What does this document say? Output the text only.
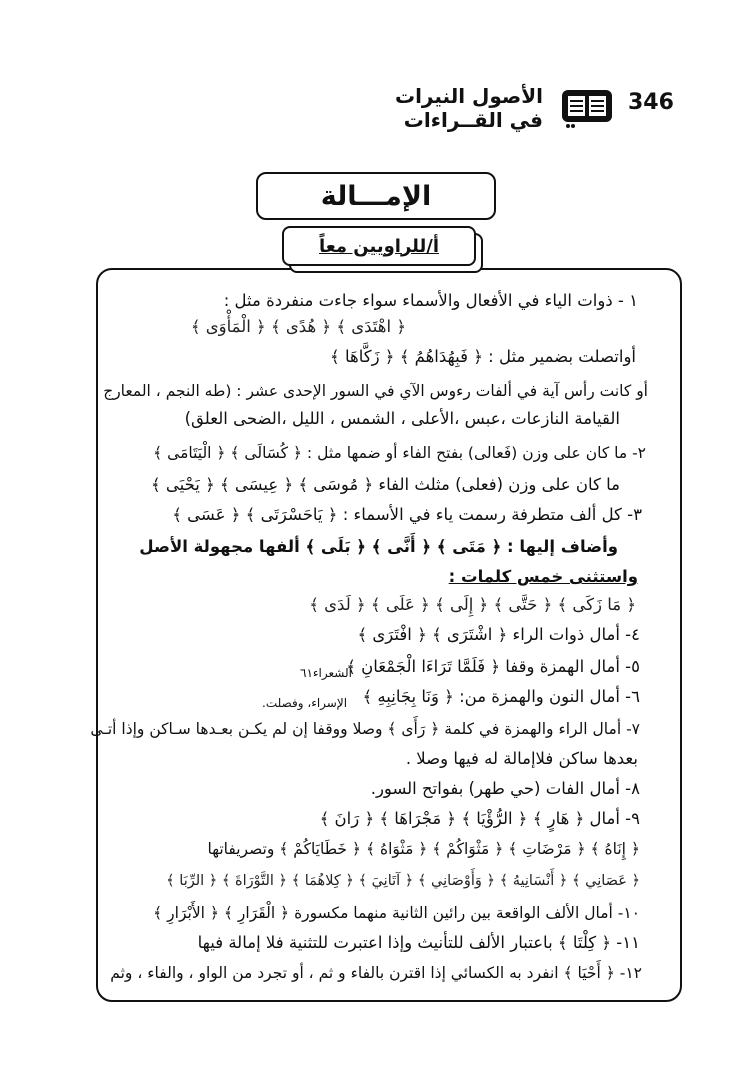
346
الأصول النيرات
في القــراءات
الإمـــالة
أ/للراويين معاً
١ - ذوات الياء في الأفعال والأسماء سواء جاءت منفردة مثل :
﴿ اهْتَدَى ﴾ ﴿ هُدًى ﴾ ﴿ الْمَأْوَى ﴾
أواتصلت بضمير مثل : ﴿ فَبِهُدَاهُمُ ﴾ ﴿ زَكَّاهَا ﴾
أو كانت رأس آية في ألفات رءوس الآي في السور الإحدى عشر : (طه النجم ، المعارج
القيامة النازعات ،عبس ،الأعلى ، الشمس ، الليل ،الضحى العلق)
٢- ما كان على وزن (فَعالى) بفتح الفاء أو ضمها مثل : ﴿ كُسَالَى ﴾ ﴿ الْيَتَامَى ﴾
ما كان على وزن (فعلى) مثلث الفاء ﴿ مُوسَى ﴾ ﴿ عِيسَى ﴾ ﴿ يَحْيَى ﴾
٣- كل ألف متطرفة رسمت ياء في الأسماء : ﴿ يَاحَسْرَتَى ﴾ ﴿ عَسَى ﴾
وأضاف إليها : ﴿ مَتَى ﴾ ﴿ أَنَّى ﴾ ﴿ بَلَى ﴾ ألفها مجهولة الأصل
واستثنى خمس كلمات :
﴿ مَا زَكَى ﴾ ﴿ حَتَّى ﴾ ﴿ إِلَى ﴾ ﴿ عَلَى ﴾ ﴿ لَدَى ﴾
٤- أمال ذوات الراء ﴿ اشْتَرَى ﴾ ﴿ افْتَرَى ﴾
٥- أمال الهمزة وقفا ﴿ فَلَمَّا تَرَاءَا الْجَمْعَانِ ﴾
الشعراء٦١
٦- أمال النون والهمزة من: ﴿ وَنَا بِجَانِبِهِ ﴾
الإسراء، وفصلت.
٧- أمال الراء والهمزة في كلمة ﴿ رَأَى ﴾ وصلا ووقفا إن لم يكـن بعـدها سـاكن وإذا أتـى
بعدها ساكن فلاإمالة له فيها وصلا .
٨- أمال الفات (حي طهر) بفواتح السور.
٩- أمال ﴿ هَارٍ ﴾ ﴿ الرُّؤْيَا ﴾ ﴿ مَجْرَاهَا ﴾ ﴿ رَانَ ﴾
﴿ إِنَاهُ ﴾ ﴿ مَرْضَاتِ ﴾ ﴿ مَثْوَاكُمْ ﴾ ﴿ مَثْوَاهُ ﴾ ﴿ خَطَايَاكُمْ ﴾ وتصريفاتها
﴿ عَصَانِي ﴾ ﴿ أَنْسَانِيهُ ﴾ ﴿ وَأَوْصَانِي ﴾ ﴿ آتَانِيَ ﴾ ﴿ كِلاهُمَا ﴾ ﴿ التَّوْرَاةَ ﴾ ﴿ الرِّبَا ﴾
١٠- أمال الألف الواقعة بين رائين الثانية منهما مكسورة ﴿ الْقَرَارِ ﴾ ﴿ الأَبْرَارِ ﴾
١١- ﴿ كِلْتَا ﴾ باعتبار الألف للتأنيث وإذا اعتبرت للتثنية فلا إمالة فيها
١٢- ﴿ أَحْيَا ﴾ انفرد به الكسائي إذا اقترن بالفاء و ثم ، أو تجرد من الواو ، والفاء ، وثم
